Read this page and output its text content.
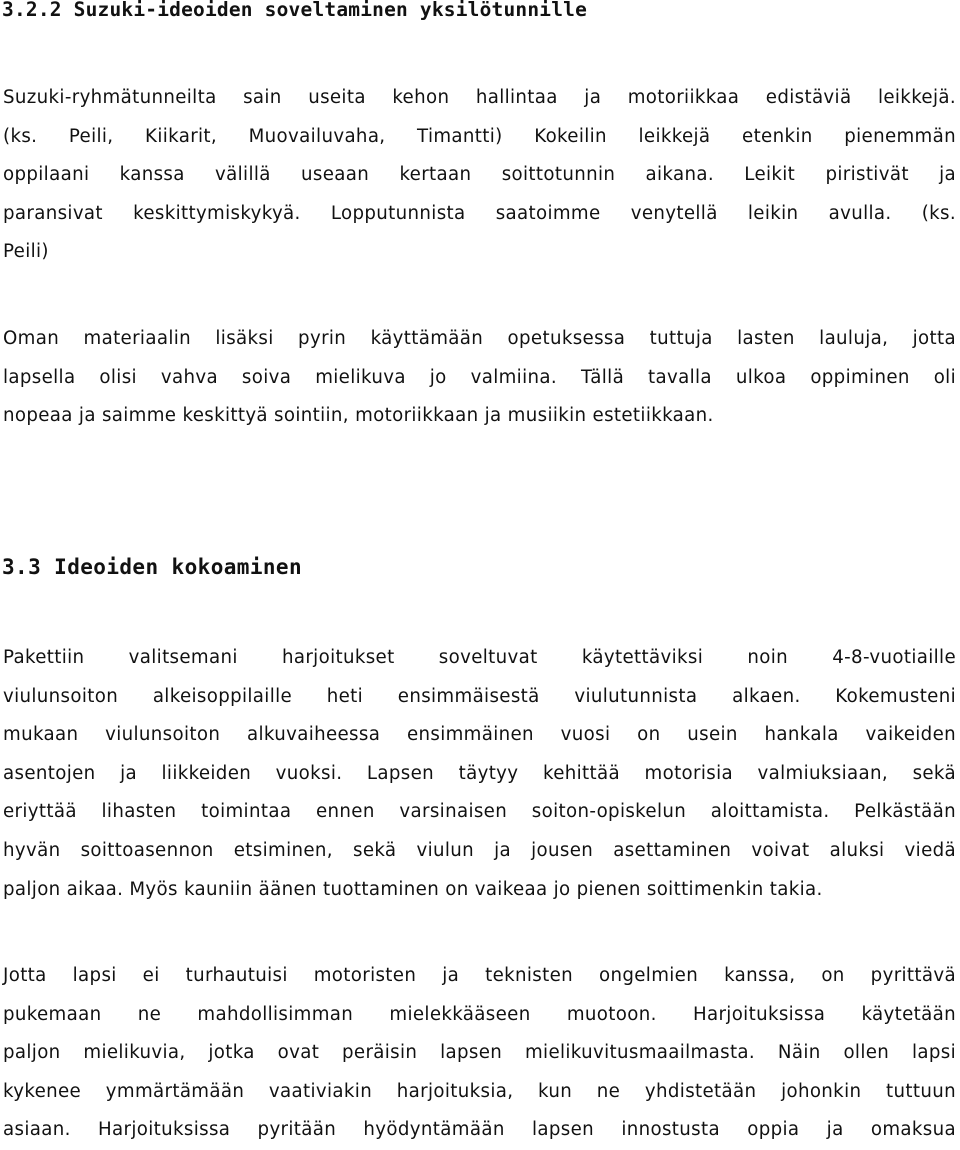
3.2.2 Suzuki-ideoiden soveltaminen yksilötunnille
Suzuki-ryhmätunneilta sain useita kehon hallintaa ja motoriikkaa edistäviä leikkejä.
(ks. Peili, Kiikarit, Muovailuvaha, Timantti) Kokeilin leikkejä etenkin pienemmän
oppilaani kanssa välillä useaan kertaan soittotunnin aikana. Leikit piristivät ja
paransivat keskittymiskykyä. Lopputunnista saatoimme venytellä leikin avulla. (ks.
Peili)
Oman materiaalin lisäksi pyrin käyttämään opetuksessa tuttuja lasten lauluja, jotta
lapsella olisi vahva soiva mielikuva jo valmiina. Tällä tavalla ulkoa oppiminen oli
nopeaa ja saimme keskittyä sointiin, motoriikkaan ja musiikin estetiikkaan.
3.3 Ideoiden kokoaminen
Pakettiin valitsemani harjoitukset soveltuvat käytettäviksi noin 4-8-vuotiaille
viulunsoiton alkeisoppilaille heti ensimmäisestä viulutunnista alkaen. Kokemusteni
mukaan viulunsoiton alkuvaiheessa ensimmäinen vuosi on usein hankala vaikeiden
asentojen ja liikkeiden vuoksi. Lapsen täytyy kehittää motorisia valmiuksiaan, sekä
eriyttää lihasten toimintaa ennen varsinaisen soiton-opiskelun aloittamista. Pelkästään
hyvän soittoasennon etsiminen, sekä viulun ja jousen asettaminen voivat aluksi viedä
paljon aikaa. Myös kauniin äänen tuottaminen on vaikeaa jo pienen soittimenkin takia.
Jotta lapsi ei turhautuisi motoristen ja teknisten ongelmien kanssa, on pyrittävä
pukemaan ne mahdollisimman mielekkääseen muotoon. Harjoituksissa käytetään
paljon mielikuvia, jotka ovat peräisin lapsen mielikuvitusmaailmasta. Näin ollen lapsi
kykenee ymmärtämään vaativiakin harjoituksia, kun ne yhdistetään johonkin tuttuun
asiaan. Harjoituksissa pyritään hyödyntämään lapsen innostusta oppia ja omaksua
